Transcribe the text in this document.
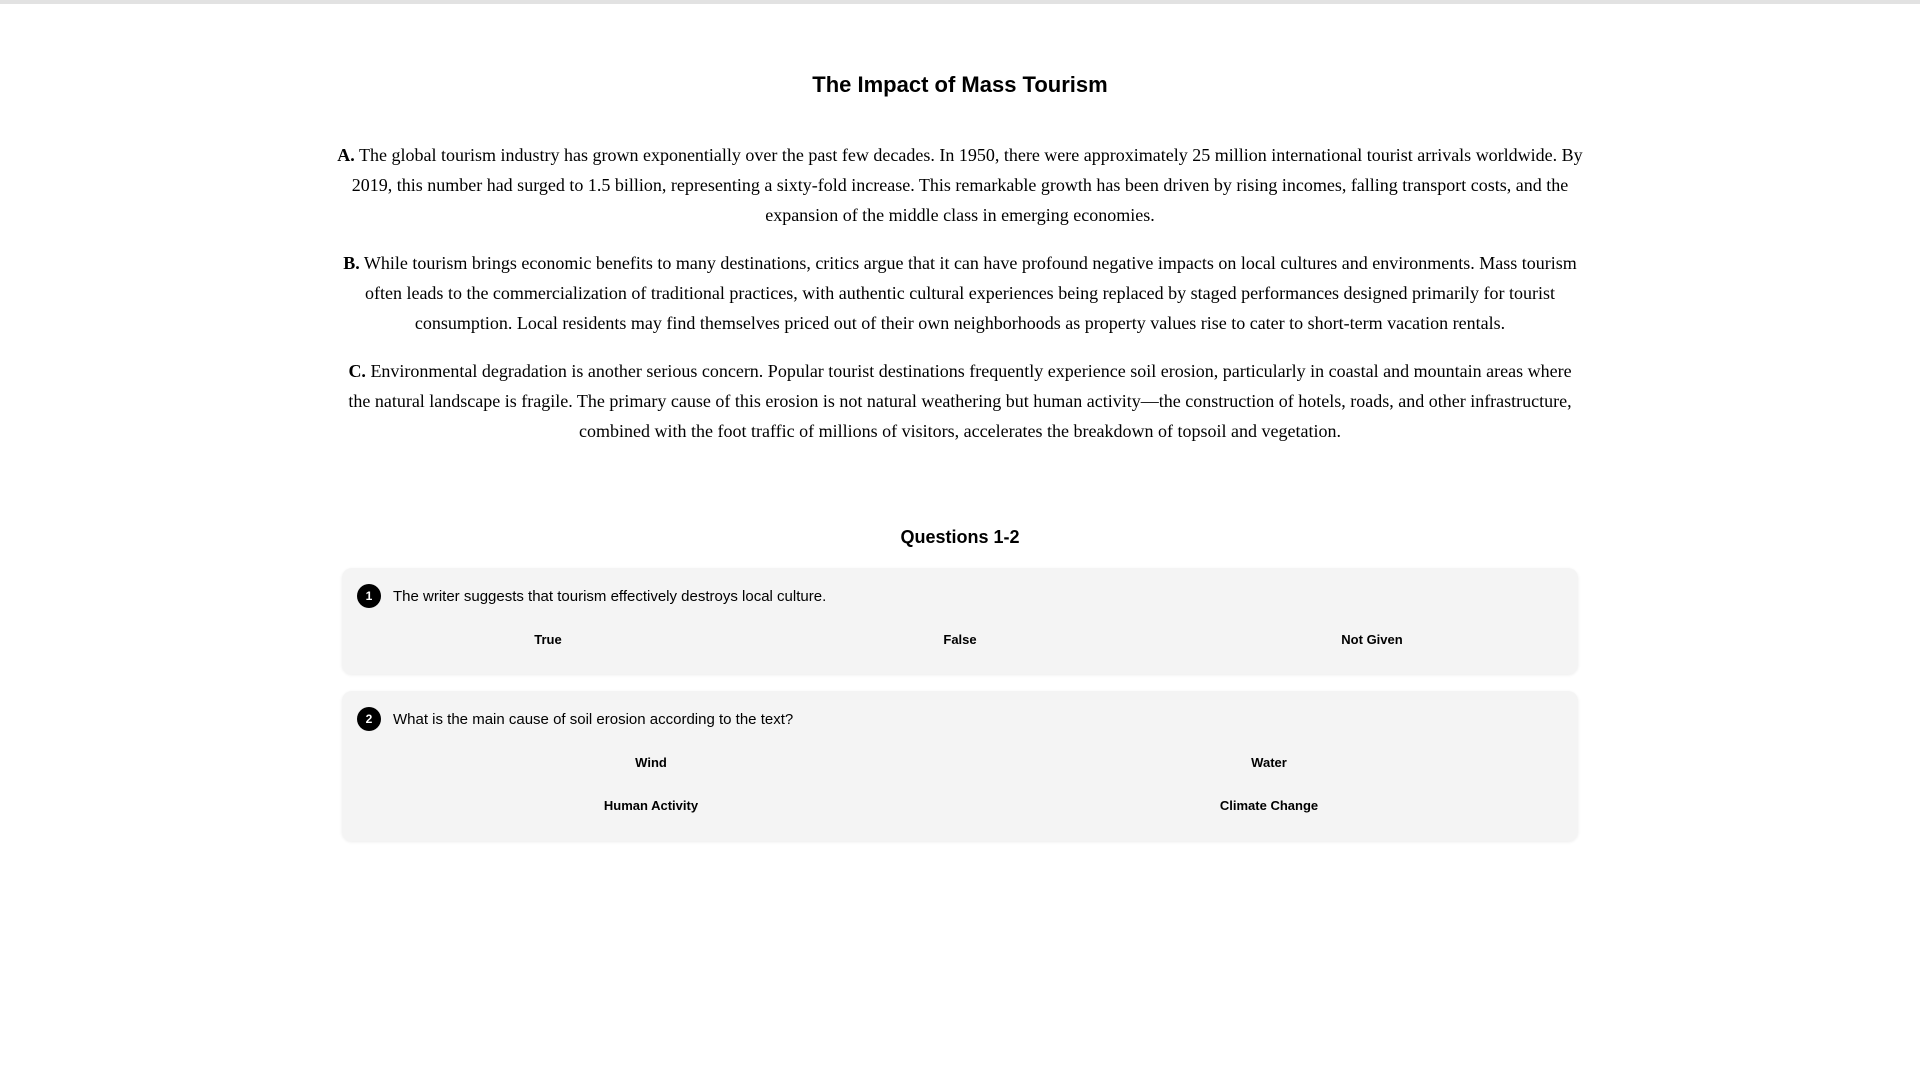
The Impact of Mass Tourism

A. The global tourism industry has grown exponentially over the past few decades. In 1950, there were approximately 25 million international tourist arrivals worldwide. By 2019, this number had surged to 1.5 billion, representing a sixty-fold increase. This remarkable growth has been driven by rising incomes, falling transport costs, and the expansion of the middle class in emerging economies.

B. While tourism brings economic benefits to many destinations, critics argue that it can have profound negative impacts on local cultures and environments. Mass tourism often leads to the commercialization of traditional practices, with authentic cultural experiences being replaced by staged performances designed primarily for tourist consumption. Local residents may find themselves priced out of their own neighborhoods as property values rise to cater to short-term vacation rentals.

C. Environmental degradation is another serious concern. Popular tourist destinations frequently experience soil erosion, particularly in coastal and mountain areas where the natural landscape is fragile. The primary cause of this erosion is not natural weathering but human activity—the construction of hotels, roads, and other infrastructure, combined with the foot traffic of millions of visitors, accelerates the breakdown of topsoil and vegetation.

Questions 1-2
1	The writer suggests that tourism effectively destroys local culture.
True	False	Not Given
2	What is the main cause of soil erosion according to the text?
Wind	Water
Human Activity	Climate Change
